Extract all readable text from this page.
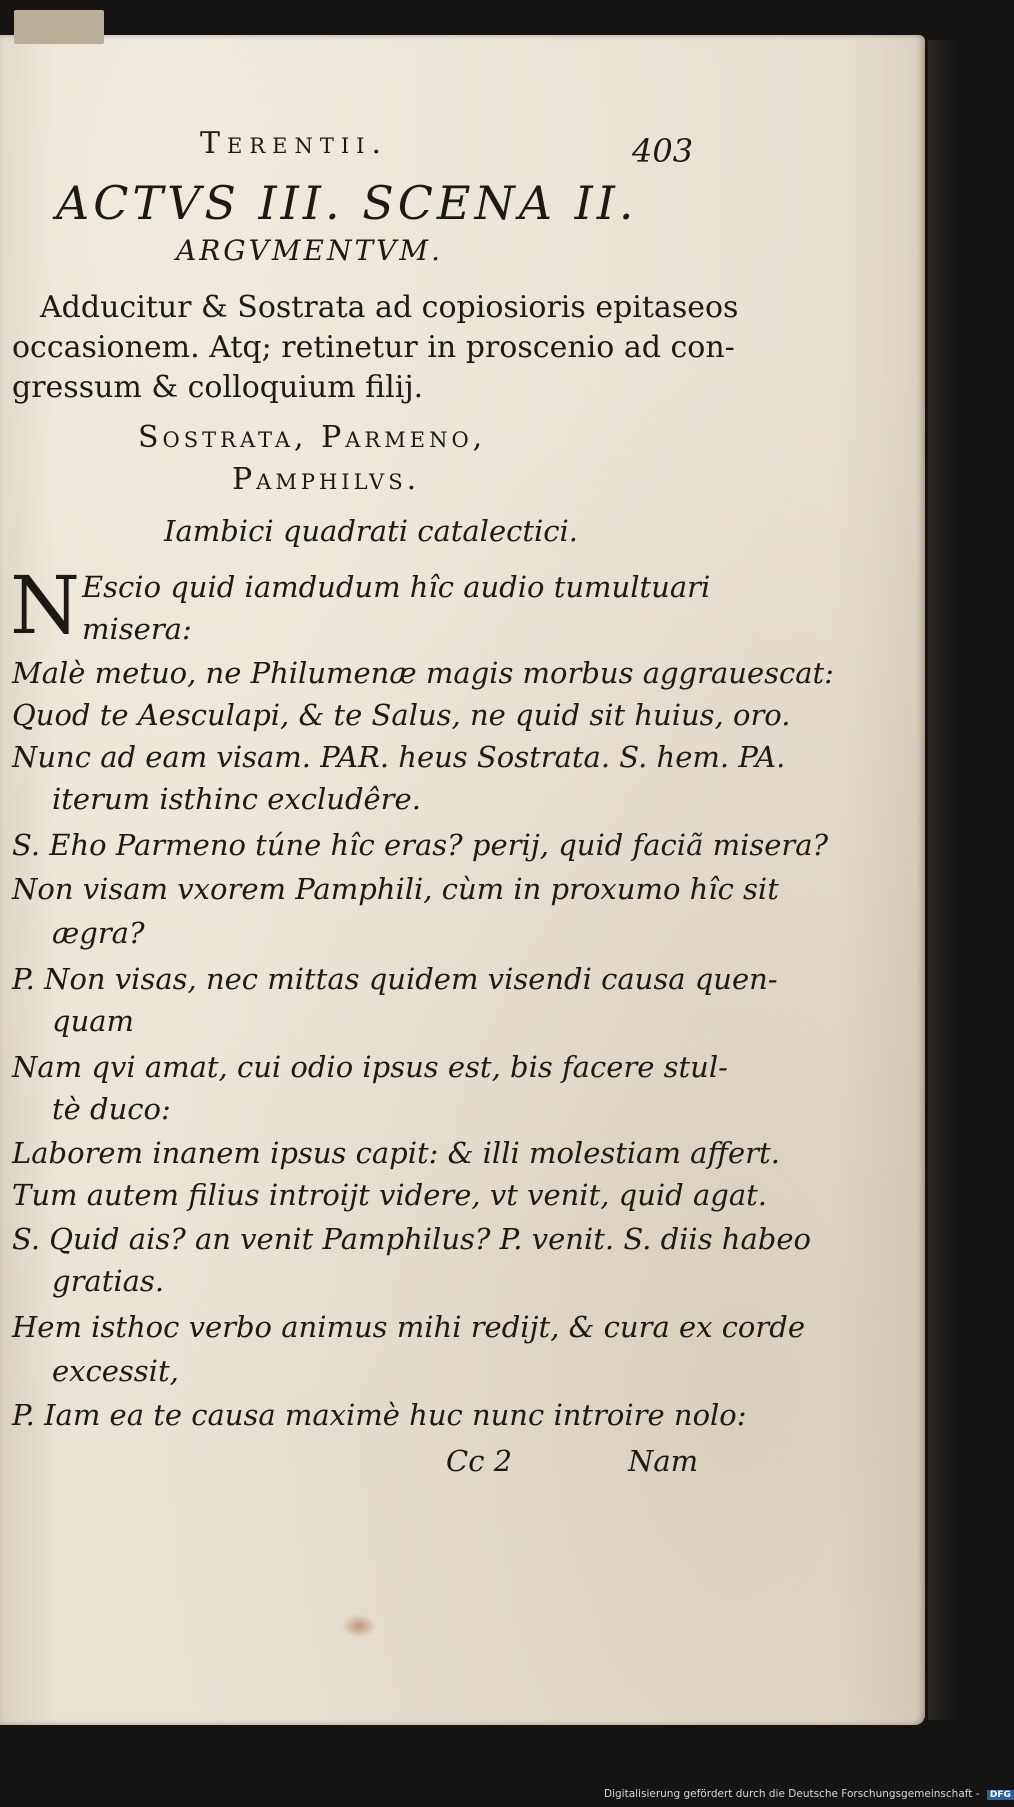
Terentii.	403
ACTVS III. SCENA II.
ARGVMENTVM.
Adducitur & Sostrata ad copiosioris epitaseos
occasionem. Atq; retinetur in proscenio ad con-
gressum & colloquium filij.
Sostrata, Parmeno,
Pamphilvs.
Iambici quadrati catalectici.
N Escio quid iamdudum hîc audio tumultuari
misera:
Malè metuo, ne Philumenæ magis morbus aggrauescat:
Quod te Aesculapi, & te Salus, ne quid sit huius, oro.
Nunc ad eam visam. PAR. heus Sostrata. S. hem. PA.
iterum isthinc excludêre.
S. Eho Parmeno túne hîc eras? perij, quid faciã misera?
Non visam vxorem Pamphili, cùm in proxumo hîc sit
ægra?
P. Non visas, nec mittas quidem visendi causa quen-
quam
Nam qvi amat, cui odio ipsus est, bis facere stul-
tè duco:
Laborem inanem ipsus capit: & illi molestiam affert.
Tum autem filius introijt videre, vt venit, quid agat.
S. Quid ais? an venit Pamphilus? P. venit. S. diis habeo
gratias.
Hem isthoc verbo animus mihi redijt, & cura ex corde
excessit,
P. Iam ea te causa maximè huc nunc introire nolo:
Cc 2	Nam
Digitalisierung gefördert durch die Deutsche Forschungsgemeinschaft - DFG
